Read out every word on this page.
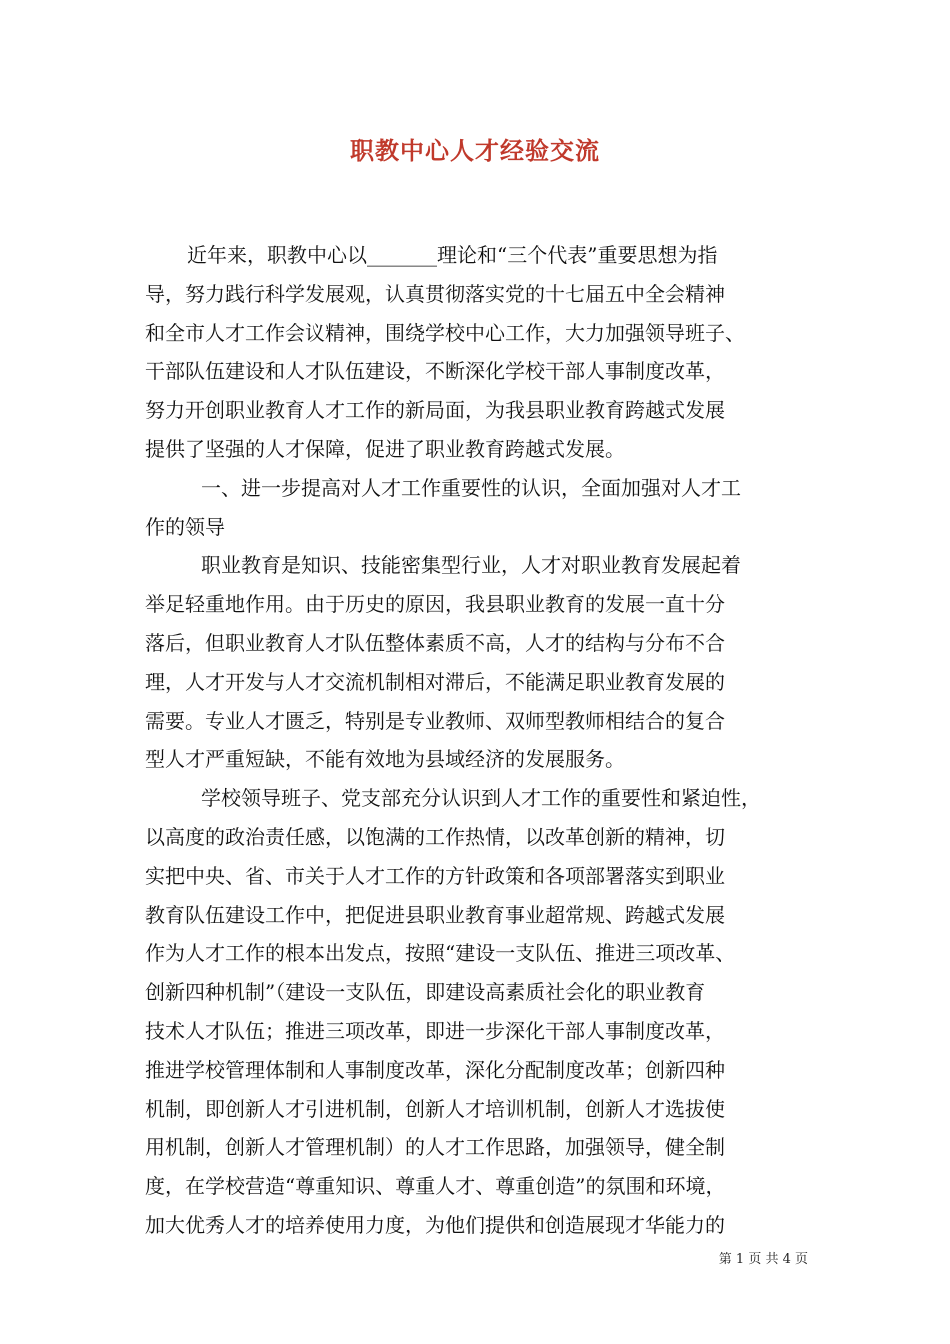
职教中心人才经验交流
近年来，职教中心以_______理论和“三个代表”重要思想为指
导，努力践行科学发展观，认真贯彻落实党的十七届五中全会精神
和全市人才工作会议精神，围绕学校中心工作，大力加强领导班子、
干部队伍建设和人才队伍建设，不断深化学校干部人事制度改革，
努力开创职业教育人才工作的新局面，为我县职业教育跨越式发展
提供了坚强的人才保障，促进了职业教育跨越式发展。
一、进一步提高对人才工作重要性的认识，全面加强对人才工
作的领导
职业教育是知识、技能密集型行业，人才对职业教育发展起着
举足轻重地作用。由于历史的原因，我县职业教育的发展一直十分
落后，但职业教育人才队伍整体素质不高，人才的结构与分布不合
理，人才开发与人才交流机制相对滞后，不能满足职业教育发展的
需要。专业人才匮乏，特别是专业教师、双师型教师相结合的复合
型人才严重短缺，不能有效地为县域经济的发展服务。
学校领导班子、党支部充分认识到人才工作的重要性和紧迫性，
以高度的政治责任感，以饱满的工作热情，以改革创新的精神，切
实把中央、省、市关于人才工作的方针政策和各项部署落实到职业
教育队伍建设工作中，把促进县职业教育事业超常规、跨越式发展
作为人才工作的根本出发点，按照“建设一支队伍、推进三项改革、
创新四种机制”（建设一支队伍，即建设高素质社会化的职业教育
技术人才队伍；推进三项改革，即进一步深化干部人事制度改革，
推进学校管理体制和人事制度改革，深化分配制度改革；创新四种
机制，即创新人才引进机制，创新人才培训机制，创新人才选拔使
用机制，创新人才管理机制）的人才工作思路，加强领导，健全制
度，在学校营造“尊重知识、尊重人才、尊重创造”的氛围和环境，
加大优秀人才的培养使用力度，为他们提供和创造展现才华能力的
第 1 页 共 4 页
